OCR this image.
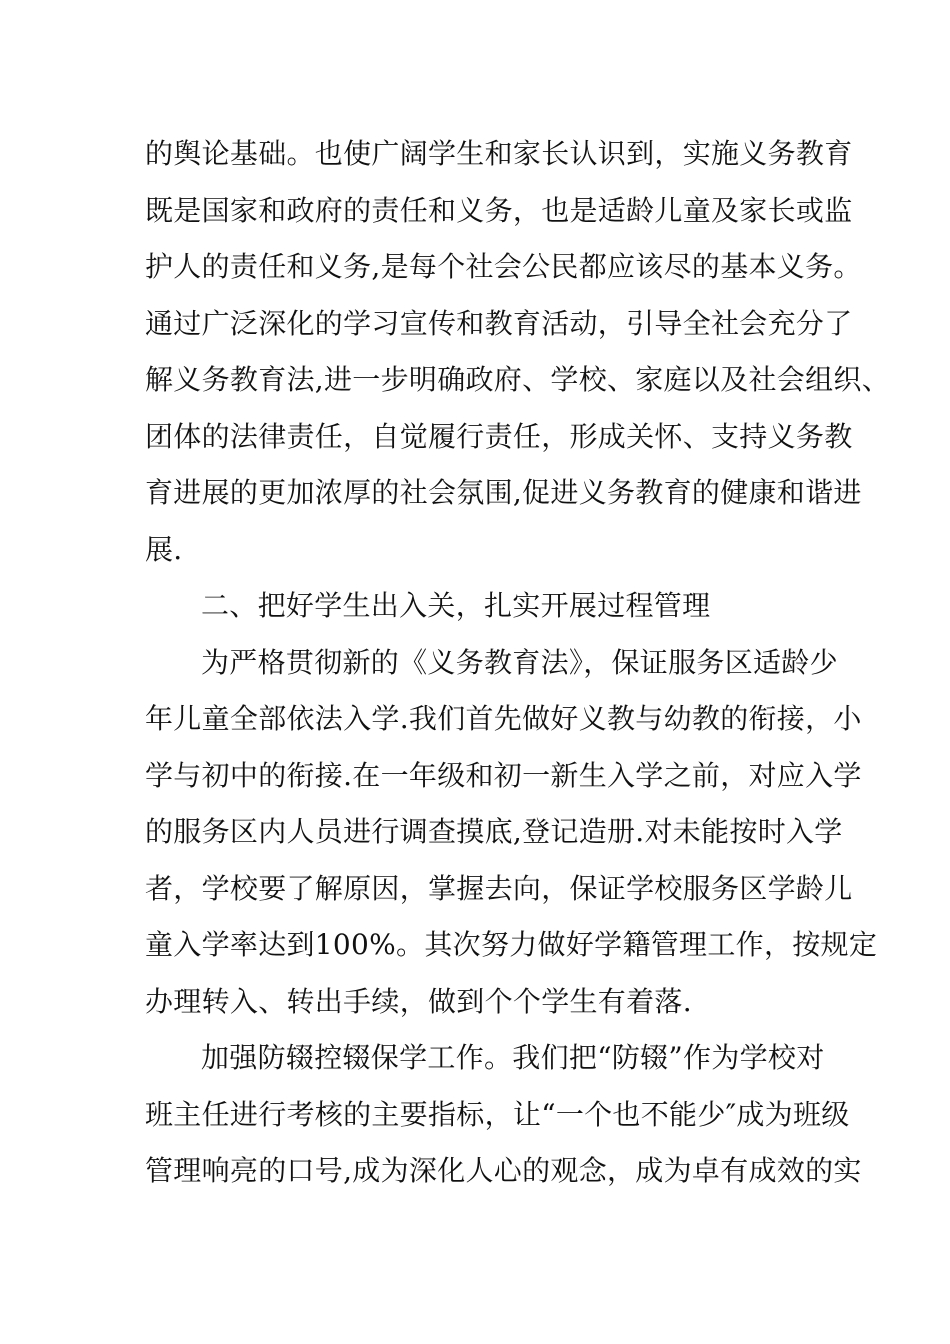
的舆论基础。也使广阔学生和家长认识到，实施义务教育
既是国家和政府的责任和义务，也是适龄儿童及家长或监
护人的责任和义务,是每个社会公民都应该尽的基本义务。
通过广泛深化的学习宣传和教育活动，引导全社会充分了
解义务教育法,进一步明确政府、学校、家庭以及社会组织、
团体的法律责任，自觉履行责任，形成关怀、支持义务教
育进展的更加浓厚的社会氛围,促进义务教育的健康和谐进
展.
二、把好学生出入关，扎实开展过程管理
为严格贯彻新的《义务教育法》，保证服务区适龄少
年儿童全部依法入学.我们首先做好义教与幼教的衔接，小
学与初中的衔接.在一年级和初一新生入学之前，对应入学
的服务区内人员进行调查摸底,登记造册.对未能按时入学
者，学校要了解原因，掌握去向，保证学校服务区学龄儿
童入学率达到100%。其次努力做好学籍管理工作，按规定
办理转入、转出手续，做到个个学生有着落.
加强防辍控辍保学工作。我们把“防辍”作为学校对
班主任进行考核的主要指标，让“一个也不能少″成为班级
管理响亮的口号,成为深化人心的观念，成为卓有成效的实
